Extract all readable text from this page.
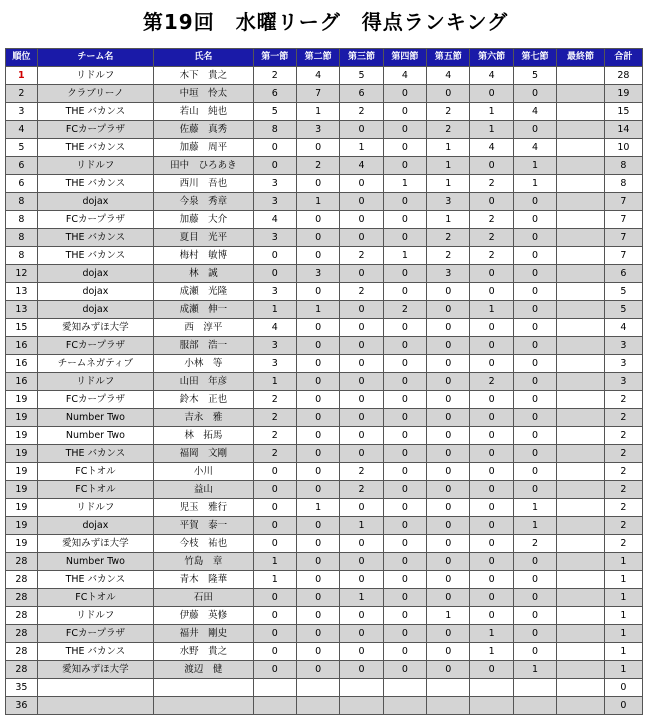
第19回　水曜リーグ　得点ランキング
順位	チーム名	氏名	第一節	第二節	第三節	第四節	第五節	第六節	第七節	最終節	合計
1	リドルフ	木下　貴之	2	4	5	4	4	4	5		28
2	クラブリーノ	中垣　怜太	6	7	6	0	0	0	0		19
3	THE バカンス	若山　純也	5	1	2	0	2	1	4		15
4	FCカープラザ	佐藤　真秀	8	3	0	0	2	1	0		14
5	THE バカンス	加藤　周平	0	0	1	0	1	4	4		10
6	リドルフ	田中　ひろあき	0	2	4	0	1	0	1		8
6	THE バカンス	西川　吾也	3	0	0	1	1	2	1		8
8	dojax	今泉　秀章	3	1	0	0	3	0	0		7
8	FCカープラザ	加藤　大介	4	0	0	0	1	2	0		7
8	THE バカンス	夏目　光平	3	0	0	0	2	2	0		7
8	THE バカンス	梅村　敏博	0	0	2	1	2	2	0		7
12	dojax	林　誠	0	3	0	0	3	0	0		6
13	dojax	成瀬　光隆	3	0	2	0	0	0	0		5
13	dojax	成瀬　伸一	1	1	0	2	0	1	0		5
15	愛知みずほ大学	西　淳平	4	0	0	0	0	0	0		4
16	FCカープラザ	服部　浩一	3	0	0	0	0	0	0		3
16	チームネガティブ	小林　等	3	0	0	0	0	0	0		3
16	リドルフ	山田　年彦	1	0	0	0	0	2	0		3
19	FCカープラザ	鈴木　正也	2	0	0	0	0	0	0		2
19	Number Two	吉永　雅	2	0	0	0	0	0	0		2
19	Number Two	林　拓馬	2	0	0	0	0	0	0		2
19	THE バカンス	福岡　文剛	2	0	0	0	0	0	0		2
19	FCトオル	小川	0	0	2	0	0	0	0		2
19	FCトオル	益山	0	0	2	0	0	0	0		2
19	リドルフ	児玉　雅行	0	1	0	0	0	0	1		2
19	dojax	平賀　泰一	0	0	1	0	0	0	1		2
19	愛知みずほ大学	今枝　祐也	0	0	0	0	0	0	2		2
28	Number Two	竹島　章	1	0	0	0	0	0	0		1
28	THE バカンス	青木　隆華	1	0	0	0	0	0	0		1
28	FCトオル	石田	0	0	1	0	0	0	0		1
28	リドルフ	伊藤　英修	0	0	0	0	1	0	0		1
28	FCカープラザ	福井　剛史	0	0	0	0	0	1	0		1
28	THE バカンス	水野　貴之	0	0	0	0	0	1	0		1
28	愛知みずほ大学	渡辺　健	0	0	0	0	0	0	1		1
35											0
36											0
